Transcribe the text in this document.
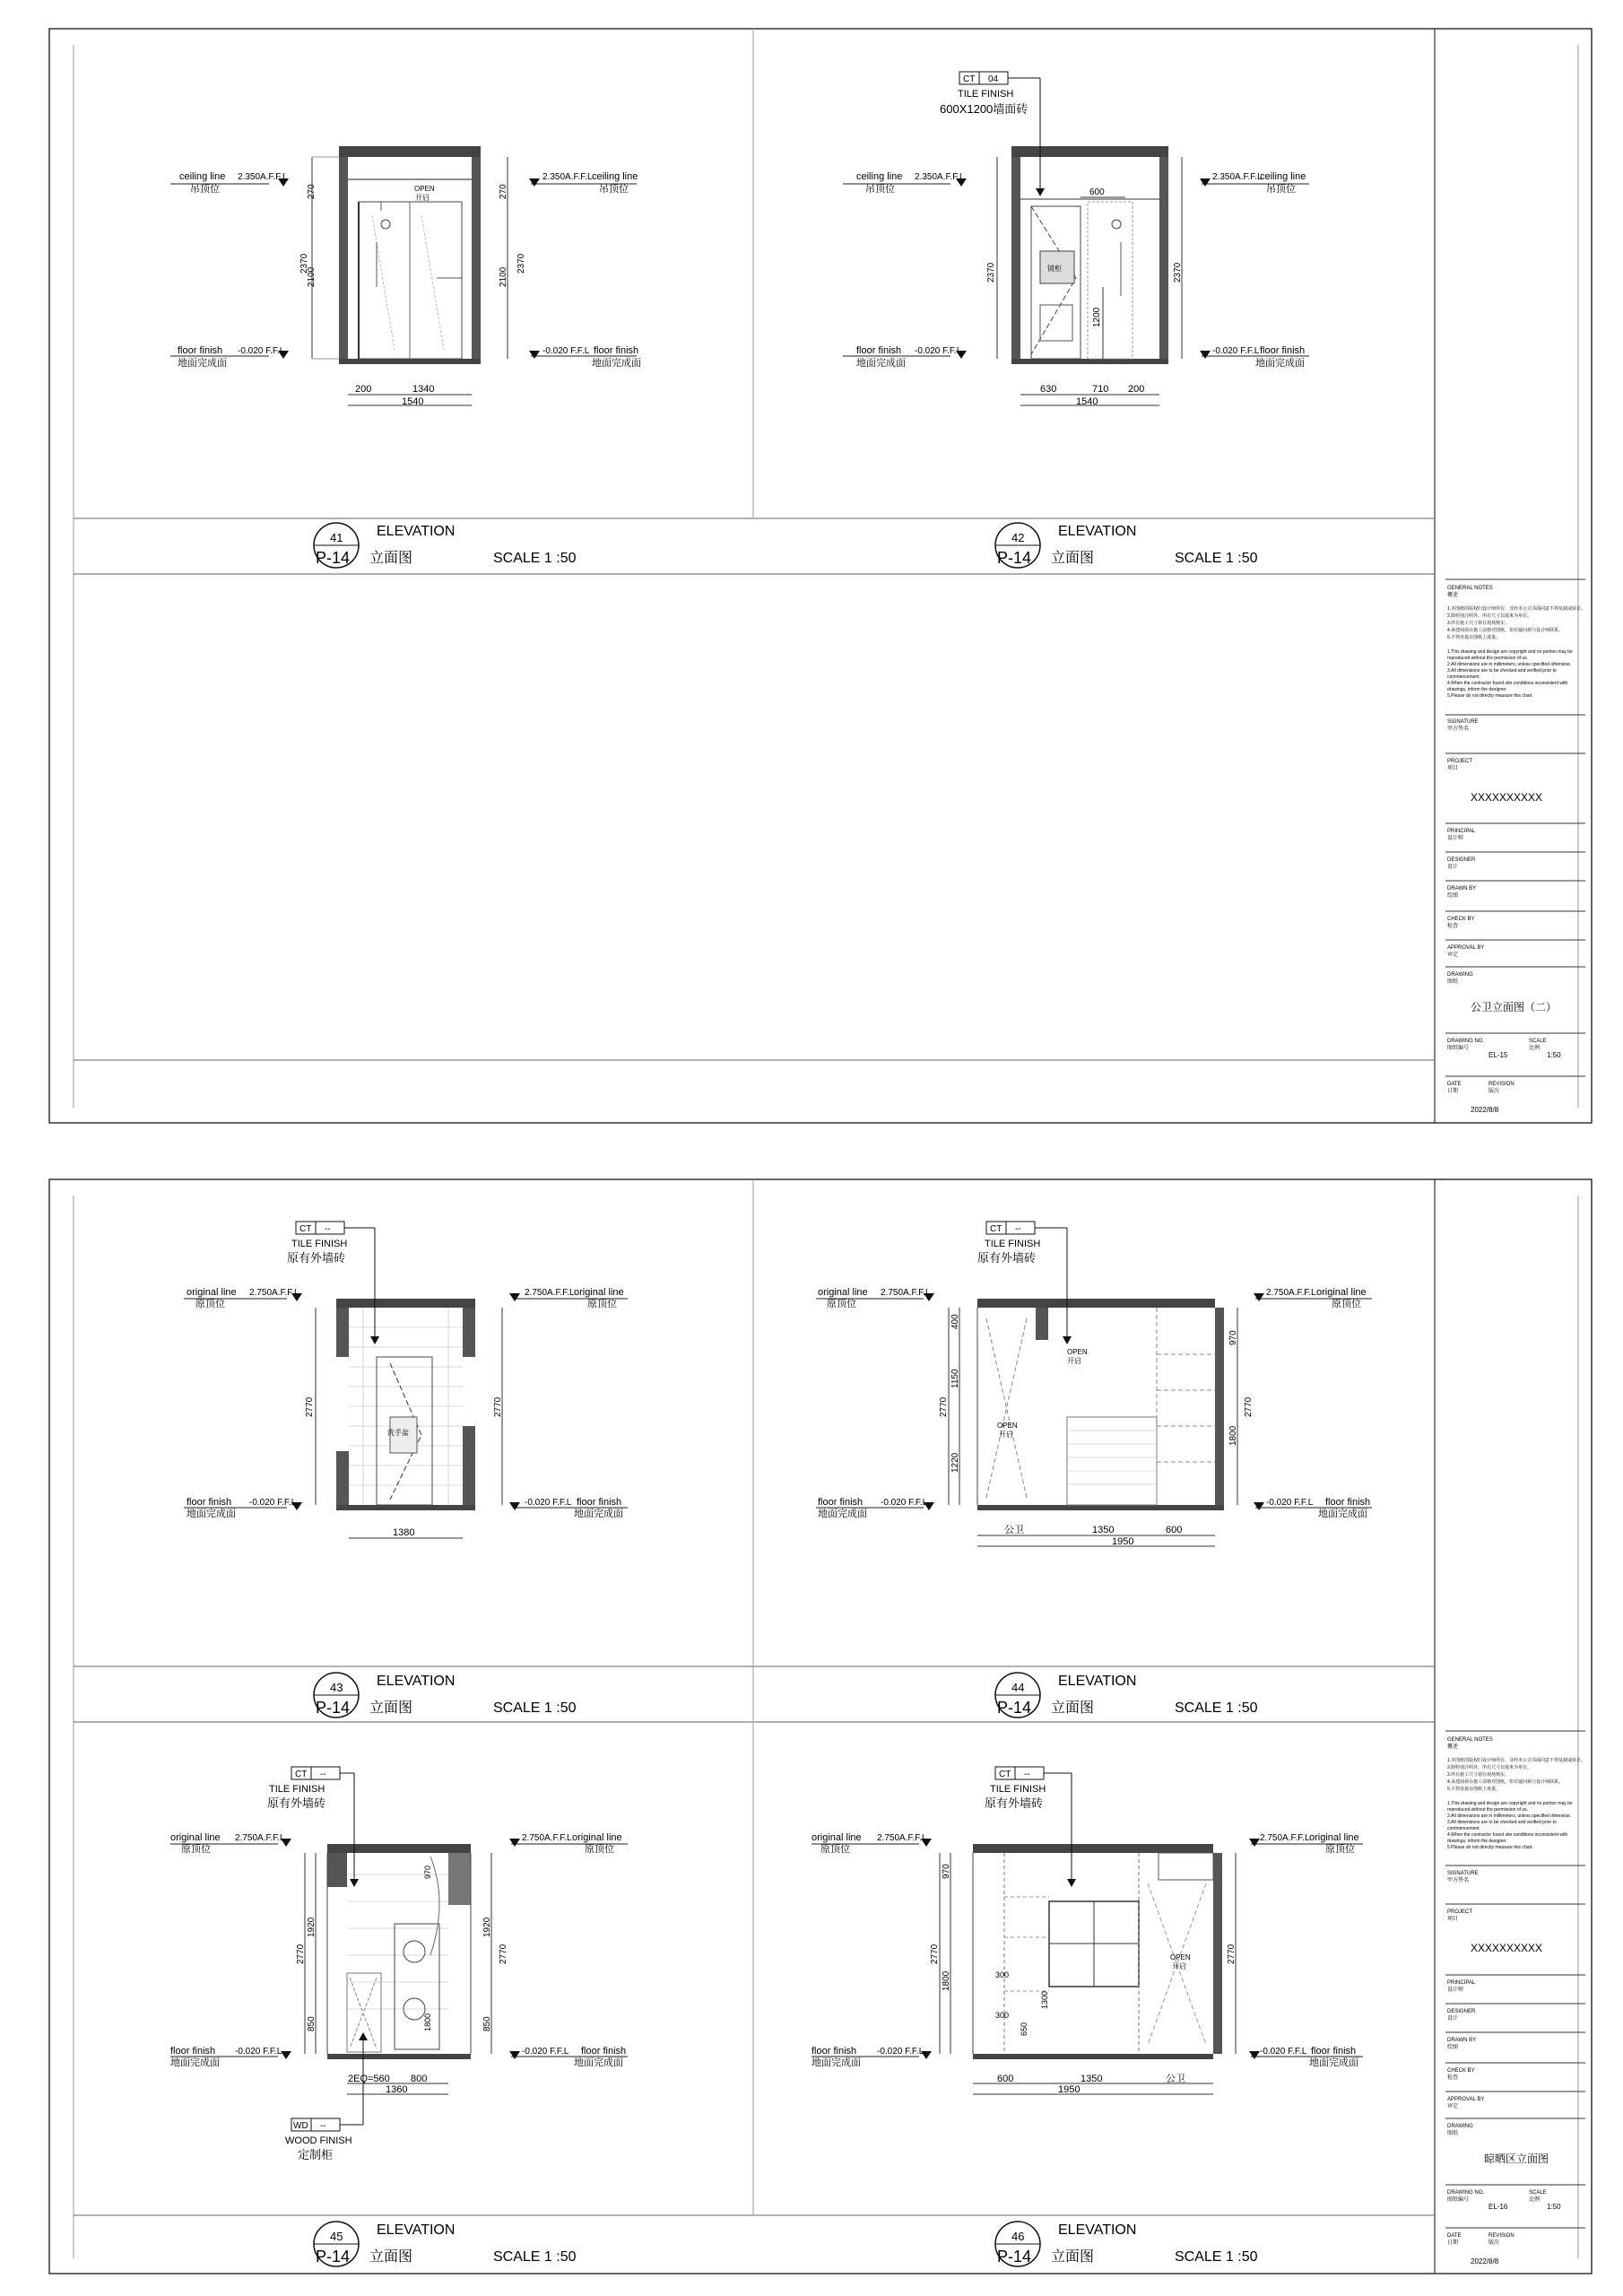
ceiling line
吊顶位
2.350A.F.F.L
floor finish
地面完成面
-0.020 F.F.L
2.350A.F.F.L ceiling line
吊顶位
-0.020 F.F.L floor finish
地面完成面
2370
270
2100
270
2100
2370
200	1340
1540
OPEN
开启
镜柜
CT 04
TILE FINISH
600X1200墙面砖
ceiling line
吊顶位
2.350A.F.F.L
floor finish
地面完成面
-0.020 F.F.L
2.350A.F.F.L
ceiling line
吊顶位
-0.020 F.F.L floor finish
地面完成面
2370	2370
600
1200
630	710 200
1540
41
P-14
ELEVATION
立面图	SCALE 1 :50
42
P-14
ELEVATION
立面图	SCALE 1 :50
GENERAL NOTES
概述
1.本图纸的版权归设计师所有，非经本公司书面同意不得复制或转让。
2.除特别注明外，所有尺寸以毫米为单位。
3.所有施工尺寸须在现场核实。
4.承建商须在施工前核对图纸，如有疑问须与设计师联系。
5.不得直接在图纸上度量。
1.This drawing and design are copyright and no portion may be
reproduced without the permission of us.
2.All dimensions are in millimeters, unless specified otherwise.
3.All dimensions are to be checked and verified prior to
commencement.
4.When the contractor found site conditions inconsistent with
drawings, inform the designer.
5.Please do not directly measure this chart.
SIGNATURE
甲方签名
PROJECT
项目
XXXXXXXXXX
PRINCIPAL
设计师
DESIGNER
设计
DRAWN BY
绘图
CHECK BY
检查
APPROVAL BY
审定
DRAWING
图纸
公卫立面图（二）
DRAWING NO.
图纸编号
EL-15
SCALE
比例
1:50
DATE
日期
REVISION
版次
2022/8/8
洗手盆
CT --
TILE FINISH
原有外墙砖
original line
原顶位
2.750A.F.F.L
floor finish
地面完成面
-0.020 F.F.L
2.750A.F.F.L original line
原顶位
-0.020 F.F.L floor finish
地面完成面
2770	2770
1380
OPEN
开启
OPEN
开启
CT --
TILE FINISH
原有外墙砖
original line
原顶位
2.750A.F.F.L
floor finish
地面完成面
-0.020 F.F.L
2.750A.F.F.L original line
原顶位
-0.020 F.F.L floor finish
地面完成面
2770
400
1150
1220
970
1800
2770
公卫	1350	600
1950
CT --
TILE FINISH
原有外墙砖
WD --
WOOD FINISH
定制柜
original line
原顶位
2.750A.F.F.L
floor finish
地面完成面
-0.020 F.F.L
2.750A.F.F.L original line
原顶位
-0.020 F.F.L floor finish
地面完成面
2770
1920
850
970
1800
1920
850
2770
2EQ=560 800
1360
OPEN
开启
CT --
TILE FINISH
原有外墙砖
original line
原顶位
2.750A.F.F.L
floor finish
地面完成面
-0.020 F.F.L
2.750A.F.F.L original line
原顶位
-0.020 F.F.L floor finish
地面完成面
2770
970
1800	300
300
650
1300
2770
600	1350	公卫
1950
43
P-14
ELEVATION
立面图	SCALE 1 :50
44
P-14
ELEVATION
立面图	SCALE 1 :50
45
P-14
ELEVATION
立面图	SCALE 1 :50
46
P-14
ELEVATION
立面图	SCALE 1 :50
GENERAL NOTES
概述
1.本图纸的版权归设计师所有，非经本公司书面同意不得复制或转让。
2.除特别注明外，所有尺寸以毫米为单位。
3.所有施工尺寸须在现场核实。
4.承建商须在施工前核对图纸，如有疑问须与设计师联系。
5.不得直接在图纸上度量。
1.This drawing and design are copyright and no portion may be
reproduced without the permission of us.
2.All dimensions are in millimeters, unless specified otherwise.
3.All dimensions are to be checked and verified prior to
commencement.
4.When the contractor found site conditions inconsistent with
drawings, inform the designer.
5.Please do not directly measure this chart.
SIGNATURE
甲方签名
PROJECT
项目
XXXXXXXXXX
PRINCIPAL
设计师
DESIGNER
设计
DRAWN BY
绘图
CHECK BY
检查
APPROVAL BY
审定
DRAWING
图纸
晾晒区立面图
DRAWING NO.
图纸编号
EL-16
SCALE
比例
1:50
DATE
日期
REVISION
版次
2022/8/8
